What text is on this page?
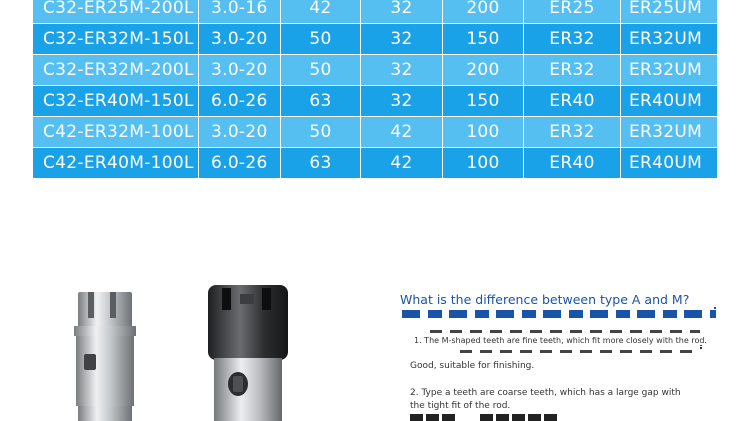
C32-ER25M-200L	3.0-16	42	32	200	ER25	ER25UM
C32-ER32M-150L	3.0-20	50	32	150	ER32	ER32UM
C32-ER32M-200L	3.0-20	50	32	200	ER32	ER32UM
C32-ER40M-150L	6.0-26	63	32	150	ER40	ER40UM
C42-ER32M-100L	3.0-20	50	42	100	ER32	ER32UM
C42-ER40M-100L	6.0-26	63	42	100	ER40	ER40UM
What is the difference between type A and M?
1. The M-shaped teeth are fine teeth, which fit more closely with the rod.
Good, suitable for finishing.
2. Type a teeth are coarse teeth, which has a large gap with
the tight fit of the rod.
